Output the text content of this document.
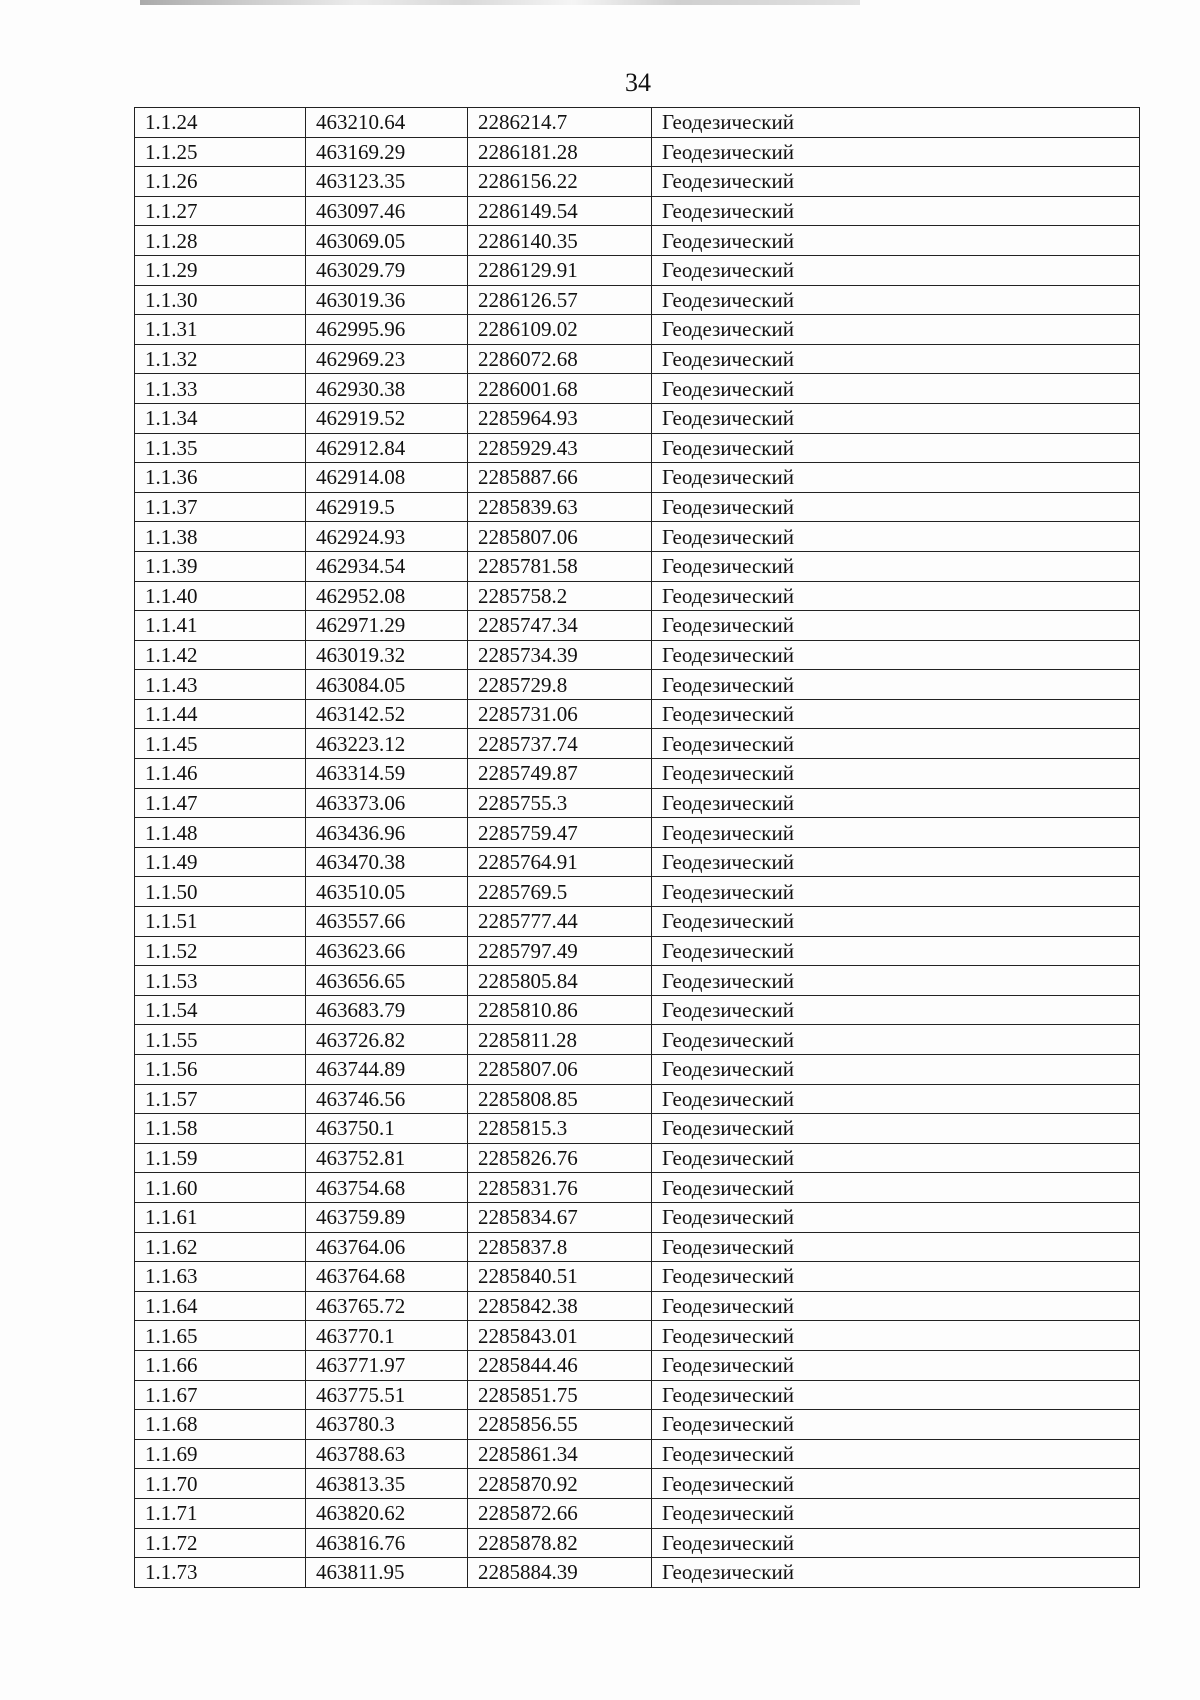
34
1.1.24	463210.64	2286214.7	Геодезический
1.1.25	463169.29	2286181.28	Геодезический
1.1.26	463123.35	2286156.22	Геодезический
1.1.27	463097.46	2286149.54	Геодезический
1.1.28	463069.05	2286140.35	Геодезический
1.1.29	463029.79	2286129.91	Геодезический
1.1.30	463019.36	2286126.57	Геодезический
1.1.31	462995.96	2286109.02	Геодезический
1.1.32	462969.23	2286072.68	Геодезический
1.1.33	462930.38	2286001.68	Геодезический
1.1.34	462919.52	2285964.93	Геодезический
1.1.35	462912.84	2285929.43	Геодезический
1.1.36	462914.08	2285887.66	Геодезический
1.1.37	462919.5	2285839.63	Геодезический
1.1.38	462924.93	2285807.06	Геодезический
1.1.39	462934.54	2285781.58	Геодезический
1.1.40	462952.08	2285758.2	Геодезический
1.1.41	462971.29	2285747.34	Геодезический
1.1.42	463019.32	2285734.39	Геодезический
1.1.43	463084.05	2285729.8	Геодезический
1.1.44	463142.52	2285731.06	Геодезический
1.1.45	463223.12	2285737.74	Геодезический
1.1.46	463314.59	2285749.87	Геодезический
1.1.47	463373.06	2285755.3	Геодезический
1.1.48	463436.96	2285759.47	Геодезический
1.1.49	463470.38	2285764.91	Геодезический
1.1.50	463510.05	2285769.5	Геодезический
1.1.51	463557.66	2285777.44	Геодезический
1.1.52	463623.66	2285797.49	Геодезический
1.1.53	463656.65	2285805.84	Геодезический
1.1.54	463683.79	2285810.86	Геодезический
1.1.55	463726.82	2285811.28	Геодезический
1.1.56	463744.89	2285807.06	Геодезический
1.1.57	463746.56	2285808.85	Геодезический
1.1.58	463750.1	2285815.3	Геодезический
1.1.59	463752.81	2285826.76	Геодезический
1.1.60	463754.68	2285831.76	Геодезический
1.1.61	463759.89	2285834.67	Геодезический
1.1.62	463764.06	2285837.8	Геодезический
1.1.63	463764.68	2285840.51	Геодезический
1.1.64	463765.72	2285842.38	Геодезический
1.1.65	463770.1	2285843.01	Геодезический
1.1.66	463771.97	2285844.46	Геодезический
1.1.67	463775.51	2285851.75	Геодезический
1.1.68	463780.3	2285856.55	Геодезический
1.1.69	463788.63	2285861.34	Геодезический
1.1.70	463813.35	2285870.92	Геодезический
1.1.71	463820.62	2285872.66	Геодезический
1.1.72	463816.76	2285878.82	Геодезический
1.1.73	463811.95	2285884.39	Геодезический
